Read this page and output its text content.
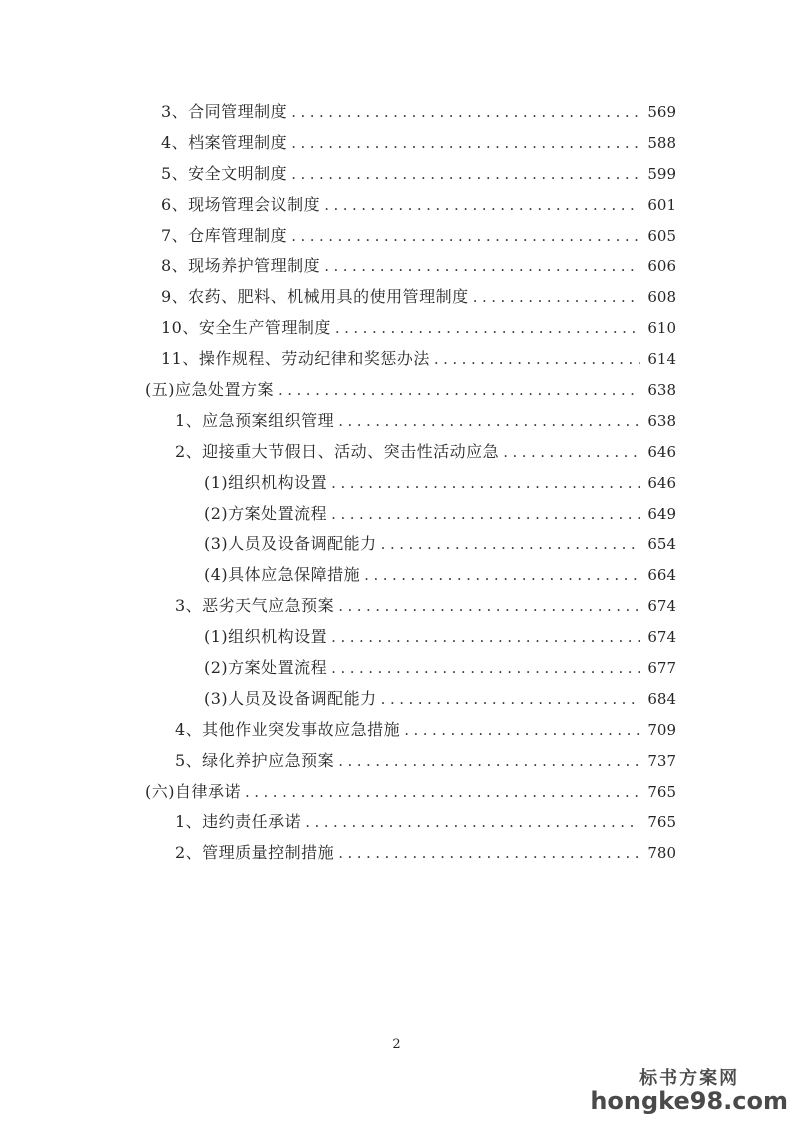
3、合同管理制度 .....	569
4、档案管理制度 .....	588
5、安全文明制度 .....	599
6、现场管理会议制度 .....	601
7、仓库管理制度 .....	605
8、现场养护管理制度 .....	606
9、农药、肥料、机械用具的使用管理制度 .....	608
10、安全生产管理制度 .....	610
11、操作规程、劳动纪律和奖惩办法 .....	614
(五)应急处置方案 .....	638
1、应急预案组织管理 .....	638
2、迎接重大节假日、活动、突击性活动应急 .....	646
(1)组织机构设置 .....	646
(2)方案处置流程 .....	649
(3)人员及设备调配能力 .....	654
(4)具体应急保障措施 .....	664
3、恶劣天气应急预案 .....	674
(1)组织机构设置 .....	674
(2)方案处置流程 .....	677
(3)人员及设备调配能力 .....	684
4、其他作业突发事故应急措施 .....	709
5、绿化养护应急预案 .....	737
(六)自律承诺 .....	765
1、违约责任承诺 .....	765
2、管理质量控制措施 .....	780
2
标书方案网
hongke98.com
